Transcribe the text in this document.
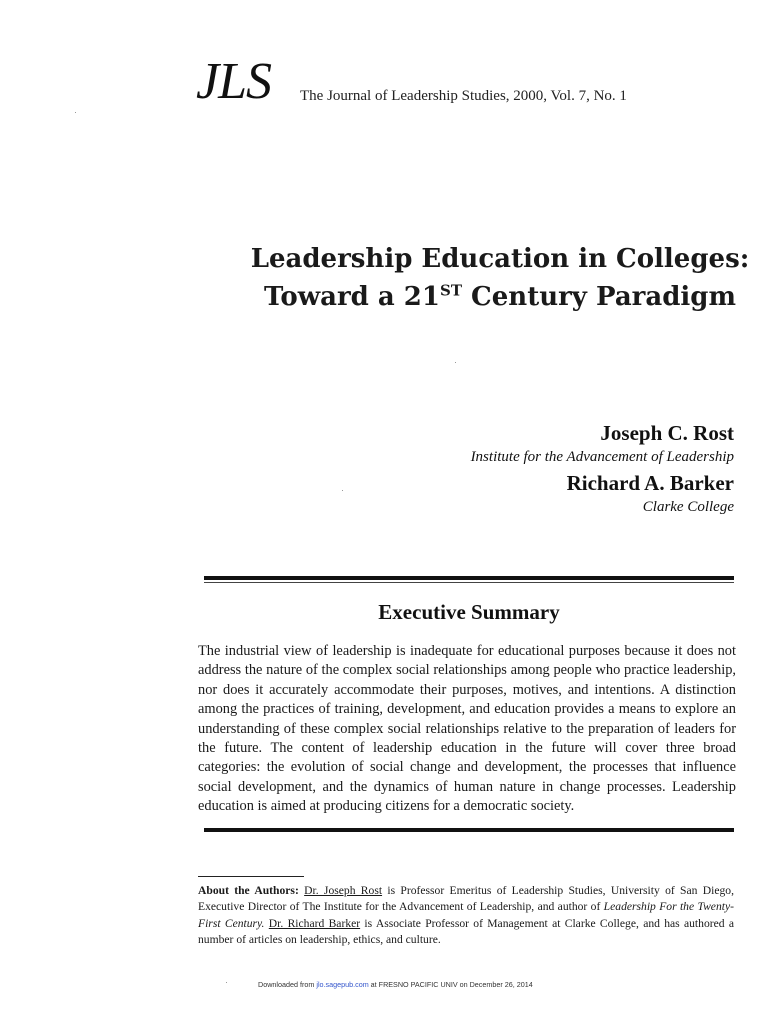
JLS The Journal of Leadership Studies, 2000, Vol. 7, No. 1
Leadership Education in Colleges:
Toward a 21ST Century Paradigm
Joseph C. Rost
Institute for the Advancement of Leadership
Richard A. Barker
Clarke College
Executive Summary
The industrial view of leadership is inadequate for educational purposes because it does not address the nature of the complex social relationships among people who practice leadership, nor does it accurately accommodate their purposes, motives, and intentions. A distinction among the practices of training, development, and education provides a means to explore an understanding of these complex social relationships relative to the preparation of leaders for the future. The content of leadership education in the future will cover three broad categories: the evolution of social change and development, the processes that influence social development, and the dynamics of human nature in change processes. Leadership education is aimed at producing citizens for a democratic society.
About the Authors: Dr. Joseph Rost is Professor Emeritus of Leadership Studies, University of San Diego, Executive Director of The Institute for the Advancement of Leadership, and author of Leadership For the Twenty-First Century. Dr. Richard Barker is Associate Professor of Management at Clarke College, and has authored a number of articles on leadership, ethics, and culture.
Downloaded from jlo.sagepub.com at FRESNO PACIFIC UNIV on December 26, 2014
